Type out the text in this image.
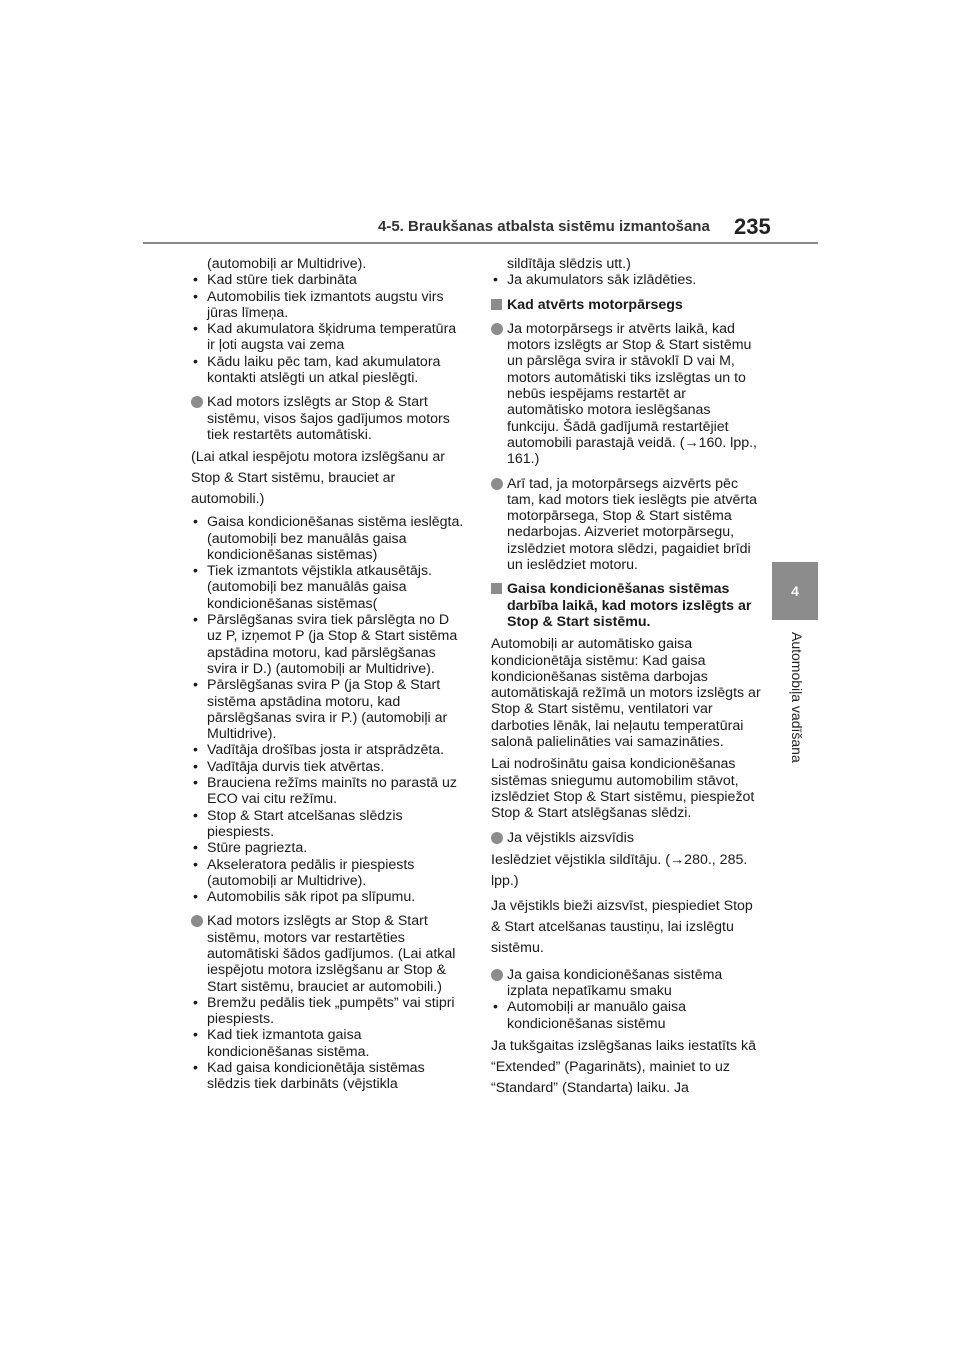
4-5. Braukšanas atbalsta sistēmu izmantošana 235
4
Automobiļa vadīšana

(automobiļi ar Multidrive).

• Kad stūre tiek darbināta

• Automobilis tiek izmantots augstu virs jūras līmeņa.

• Kad akumulatora šķidruma temperatūra ir ļoti augsta vai zema

• Kādu laiku pēc tam, kad akumulatora kontakti atslēgti un atkal pieslēgti.

Kad motors izslēgts ar Stop & Start sistēmu, visos šajos gadījumos motors tiek restartēts automātiski.
(Lai atkal iespējotu motora izslēgšanu ar Stop & Start sistēmu, brauciet ar automobili.)

• Gaisa kondicionēšanas sistēma ieslēgta. (automobiļi bez manuālās gaisa kondicionēšanas sistēmas)

• Tiek izmantots vējstikla atkausētājs. (automobiļi bez manuālās gaisa kondicionēšanas sistēmas(

• Pārslēgšanas svira tiek pārslēgta no D uz P, izņemot P (ja Stop & Start sistēma apstādina motoru, kad pārslēgšanas svira ir D.) (automobiļi ar Multidrive).

• Pārslēgšanas svira P (ja Stop & Start sistēma apstādina motoru, kad pārslēgšanas svira ir P.) (automobiļi ar Multidrive).

• Vadītāja drošības josta ir atsprādzēta.

• Vadītāja durvis tiek atvērtas.

• Brauciena režīms mainīts no parastā uz ECO vai citu režīmu.

• Stop & Start atcelšanas slēdzis piespiests.

• Stūre pagriezta.

• Akseleratora pedālis ir piespiests (automobiļi ar Multidrive).

• Automobilis sāk ripot pa slīpumu.

Kad motors izslēgts ar Stop & Start sistēmu, motors var restartēties automātiski šādos gadījumos. (Lai atkal iespējotu motora izslēgšanu ar Stop & Start sistēmu, brauciet ar automobili.)

• Bremžu pedālis tiek „pumpēts” vai stipri piespiests.

• Kad tiek izmantota gaisa kondicionēšanas sistēma.

• Kad gaisa kondicionētāja sistēmas slēdzis tiek darbināts (vējstikla

sildītāja slēdzis utt.)

• Ja akumulators sāk izlādēties.

Kad atvērts motorpārsegs
Ja motorpārsegs ir atvērts laikā, kad motors izslēgts ar Stop & Start sistēmu un pārslēga svira ir stāvoklī D vai M, motors automātiski tiks izslēgtas un to nebūs iespējams restartēt ar automātisko motora ieslēgšanas funkciju. Šādā gadījumā restartējiet automobili parastajā veidā. (→160. lpp., 161.)
Arī tad, ja motorpārsegs aizvērts pēc tam, kad motors tiek ieslēgts pie atvērta motorpārsega, Stop & Start sistēma nedarbojas. Aizveriet motorpārsegu, izslēdziet motora slēdzi, pagaidiet brīdi un ieslēdziet motoru.
Gaisa kondicionēšanas sistēmas darbība laikā, kad motors izslēgts ar Stop & Start sistēmu.
Automobiļi ar automātisko gaisa kondicionētāja sistēmu: Kad gaisa kondicionēšanas sistēma darbojas automātiskajā režīmā un motors izslēgts ar Stop & Start sistēmu, ventilatori var darboties lēnāk, lai neļautu temperatūrai salonā palielināties vai samazināties.
Lai nodrošinātu gaisa kondicionēšanas sistēmas sniegumu automobilim stāvot, izslēdziet Stop & Start sistēmu, piespiežot Stop & Start atslēgšanas slēdzi.
Ja vējstikls aizsvīdis
Ieslēdziet vējstikla sildītāju. (→280., 285. lpp.)
Ja vējstikls bieži aizsvīst, piespiediet Stop & Start atcelšanas taustiņu, lai izslēgtu sistēmu.
Ja gaisa kondicionēšanas sistēma izplata nepatīkamu smaku

• Automobiļi ar manuālo gaisa kondicionēšanas sistēmu

Ja tukšgaitas izslēgšanas laiks iestatīts kā “Extended” (Pagarināts), mainiet to uz “Standard” (Standarta) laiku. Ja
